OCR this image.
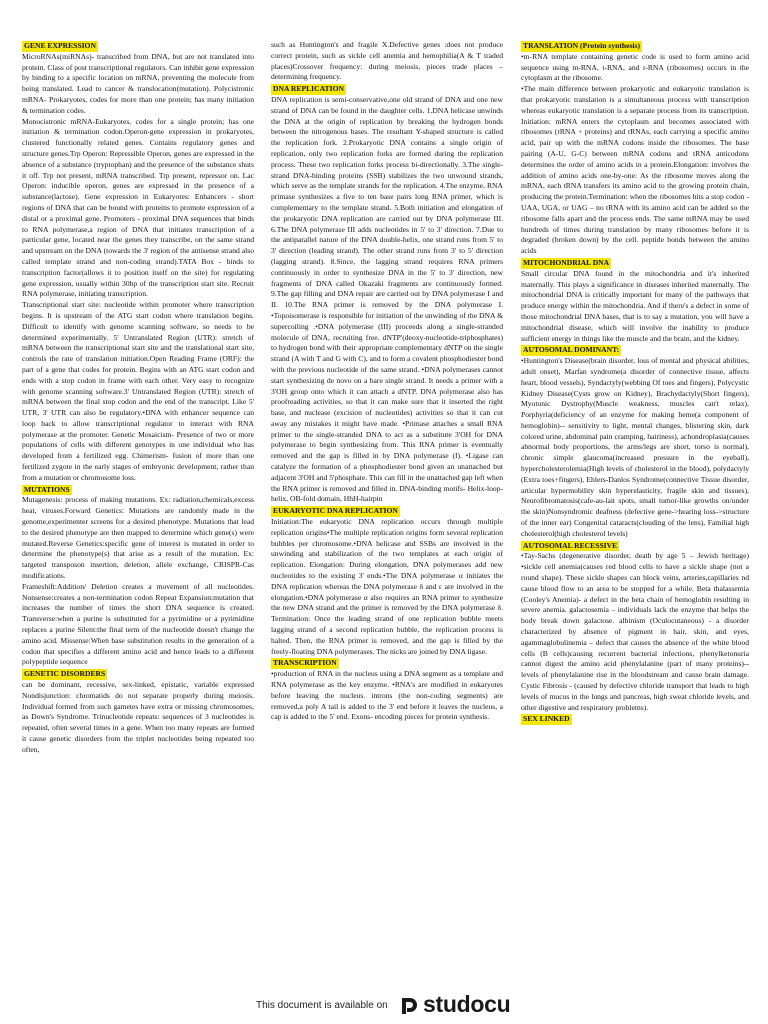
GENE EXPRESSION

MicroRNAs(miRNAs)- transcribed from DNA, but are not translated into protein. Class of post transcriptional regulators. Can inhibit gene expression by binding to a specific location on mRNA, preventing the molecule from being translated. Lead to cancer & translocation(mutation). Polycistronic mRNA- Prokaryotes, codes for more than one protein; has many initiation & termination codes.
Monocistronic mRNA-Eukaryotes, codes for a single protein; has one initiation & termination codon.Operon-gene expression in prokaryotes, clustered functionally related genes. Contains regulatory genes and structure genes.Trp Operon: Repressible Operon, genes are expressed in the absence of a substance (tryptophan) and the presence of the substance shuts it off. Trp not present, mRNA transcribed. Trp present, repressor on. Lac Operon: inducible operon, genes are expressed in the presence of a substance(lactose). Gene expression in Eukaryotes: Enhancers - short regions of DNA that can be bound with proteins to promote expression of a distal or a proximal gene. Promoters - proximal DNA sequences that binds to RNA polymerase,a region of DNA that initiates transcription of a particular gene, located near the genes they transcribe, on the same strand and upstream on the DNA (towards the 3' region of the antisense strand also called template strand and non-coding strand).TATA Box - binds to transcription factor(allows it to position itself on the site) for regulating gene expression, usually within 30bp of the transcription start site. Recruit RNA polymerase, initiating transcription.
Transcriptional start site: nucleotide within promoter where transcription begins. It is upstream of the ATG start codon where translation begins. Difficult to identify with genome scanning software, so needs to be determined experimentally. 5' Untranslated Region (UTR): stretch of mRNA between the transcriptional start site and the translational start site, controls the rate of translation initiation.Open Reading Frame (ORF): the part of a gene that codes for protein. Begins with an ATG start codon and ends with a stop codon in frame with each other. Very easy to recognize with genome scanning software.3' Untranslated Region (UTR): stretch of mRNA between the final stop codon and the end of the transcript. Like 5' UTR, 3' UTR can also be regulatory.•DNA with enhancer sequence can loop back to allow transcriptional regulator to interact with RNA polymerase at the promoter. Genetic Mosaicism- Presence of two or more populations of cells with different genotypes in one individual who has developed from a fertilized egg. Chimerism- fusion of more than one fertilized zygote in the early stages of embryonic development, rather than from a mutation or chromosome loss.
MUTATIONS

Mutagenesis: process of making mutations. Ex: radiation,chemicals,excess heat, viruses.Forward Genetics: Mutations are randomly made in the genome,experimenter screens for a desired phenotype. Mutations that lead to the desired phenotype are then mapped to determine which gene(s) were mutated.Reverse Genetics:specific gene of interest is mutated in order to determine the phenotype(s) that arise as a result of the mutation. Ex: targeted transposon insertion, deletion, allele exchange, CRISPR-Cas modifications.
Frameshift:Addition/ Deletion creates a movement of all nucleotides. Nonsense:creates a non-termination codon Repeat Expansion:mutation that increases the number of times the short DNA sequence is created. Transverse:when a purine is substituted for a pyrimidine or a pyrimidine replaces a purine Silent:the final term of the nucleotide doesn't change the amino acid. Missense:When base substitution results in the generation of a codon that specifies a different amino acid and hence leads to a different polypeptide sequence
GENETIC DISORDERS

can be dominant, recessive, sex-linked, epistatic, variable expressed Nondisjunction: chromatids do not separate properly during meiosis. Individual formed from such gametes have extra or missing chromosomes, as Down's Syndrome. Trinucleotide repeats: sequences of 3 nucleotides is repeated, often several times in a gene. When too many repeats are formed it cause genetic disorders from the triplet nucleotides being repeated too often,
such as Huntington's and fragile X.Defective genes :does not produce correct protein, such as sickle cell anemia and hemophilia(A & T traded places)Crossover frequency: during meiosis, pieces trade places – determining frequency.
DNA REPLICATION

DNA replication is semi-conservative,one old strand of DNA and one new strand of DNA can be found in the daughter cells. 1.DNA helicase unwinds the DNA at the origin of replication by breaking the hydrogen bonds between the nitrogenous bases. The resultant Y-shaped structure is called the replication fork. 2.Prokaryotic DNA contains a single origin of replication, only two replication forks are formed during the replication process. These two replication forks process bi-directionally. 3.The single-strand DNA-binding proteins (SSB) stabilizes the two unwound strands, which serve as the template strands for the replication. 4.The enzyme, RNA primase synthesizes a five to ten base pairs long RNA primer, which is complementary to the template strand. 5.Both initiation and elongation of the prokaryotic DNA replication are carried out by DNA polymerase III. 6.The DNA polymerase III adds nucleotides in 5' to 3' direction. 7.Due to the antiparallel nature of the DNA double-helix, one strand runs from 5' to 3' direction (leading strand). The other strand runs from 3' to 5' direction (lagging strand). 8.Since, the lagging strand requires RNA primers continuously in order to synthesize DNA in the 5' to 3' direction, new fragments of DNA called Okazaki fragments are continuously formed. 9.The gap filling and DNA repair are carried out by DNA polymerase I and II. 10.The RNA primer is removed by the DNA polymerase I. •Topoisomerase is responsible for initiation of the unwinding of the DNA & supercoiling .•DNA polymerase (III) proceeds along a single-stranded molecule of DNA, recruiting free. dNTP'(deoxy-nucleotide-triphosphates) to hydrogen bond with their appropriate complementary dNTP on the single strand (A with T and G with C), and to form a covalent phosphodiester bond with the previous nucleotide of the same strand. •DNA polymerases cannot start synthesizing de novo on a bare single strand. It needs a primer with a 3'OH group onto which it can attach a dNTP. DNA polymerase also has proofreading activities, so that it can make sure that it inserted the right base, and nuclease (excision of nucleotides) activities so that it can cut away any mistakes it might have made. •Primase attaches a small RNA primer to the single-stranded DNA to act as a substitute 3'OH for DNA polymerase to begin synthesizing from. This RNA primer is eventually removed and the gap is filled in by DNA polymerase (I). •Ligase can catalyze the formation of a phosphodiester bond given an unattached but adjacent 3'OH and 5'phosphate. This can fill in the unattached gap left when the RNA primer is removed and filled in. DNA-binding motifs- Helix-loop-helix, OB-fold domain, HhH-hairpin
EUKARYOTIC DNA REPLICATION

Initiation:The eukaryotic DNA replication occurs through multiple replication origins•The multiple replication origins form several replication bubbles per chromosome.•DNA helicase and SSBs are involved in the unwinding and stabilization of the two templates at each origin of replication. Elongation: During elongation, DNA polymerases add new nucleotides to the existing 3' ends.•The DNA polymerase α initiates the DNA replication whereas the DNA polymerase δ and ε are involved in the elongation.•DNA polymerase α also requires an RNA primer to synthesize the new DNA strand and the primer is removed by the DNA polymerase δ. Termination: Once the leading strand of one replication bubble meets lagging strand of a second replication bubble, the replication process is halted. Then, the RNA primer is removed, and the gap is filled by the freely-floating DNA polymerases. The nicks are joined by DNA ligase.
TRANSCRIPTION

•production of RNA in the nucleus using a DNA segment as a template and RNA polymerase as the key enzyme. •RNA's are modified in eukaryotes before leaving the nucleus. introns (the non-coding segments) are removed,a poly A tail is added to the 3' end before it leaves the nucleus, a cap is added to the 5' end. Exons- encoding pieces for protein synthesis.
TRANSLATION (Protein synthesis)

•m-RNA template containing genetic code is used to form amino acid sequence using m-RNA, t-RNA, and r-RNA (ribosomes) occurs in the cytoplasm at the ribosome.
•The main difference between prokaryotic and eukaryotic translation is that prokaryotic translation is a simultaneous process with transcription whereas eukaryotic translation is a separate process from its transcription. Initiation: mRNA enters the cytoplasm and becomes associated with ribosomes (rRNA + proteins) and tRNAs, each carrying a specific amino acid, pair up with the mRNA codons inside the ribosomes. The base pairing (A-U, G-C) between mRNA codons and tRNA anticodons determines the order of amino acids in a protein.Elongation: involves the addition of amino acids one-by-one: As the ribosome moves along the mRNA, each tRNA transfers its amino acid to the growing protein chain, producing the protein.Termination: when the ribosomes hits a stop codon - UAA, UGA, or UAG – no tRNA with its amino acid can be added so the ribosome falls apart and the process ends. The same mRNA may be used hundreds of times during translation by many ribosomes before it is degraded (broken down) by the cell. peptide bonds between the amino acids
MITOCHONDRIAL DNA

Small circular DNA found in the mitochondria and it's inherited maternally. This plays a significance in diseases inherited maternally. The mitochondrial DNA is critically important for many of the pathways that produce energy within the mitochondria. And if there's a defect in some of those mitochondrial DNA bases, that is to say a mutation, you will have a mitochondrial disease, which will involve the inability to produce sufficient energy in things like the muscle and the brain, and the kidney.
AUTOSOMAL DOMINANT:

•Huntington's Disease(brain disorder, loss of mental and physical abilities, adult onset), Marfan syndrome(a disorder of connective tissue, affects heart, blood vessels), Syndactyly(webbing Of toes and fingers), Polycystic Kidney Disease(Cysts grow on Kidney), Brachydactyly(Short fingers), Myotonic Dystrophy(Muscle weakness, muscles can't relax), Porphyria(deficiency of an enzyme for making heme(a component of hemoglobin)-- sensitivity to light, mental changes, blistering skin, dark colored urine, abdominal pain cramping, hairiness), achondroplasia(causes abnormal body proportions, the arms/legs are short, torso is normal), chronic simple glaucoma(increased pressure in the eyeball), hypercholesterolemia(High levels of cholesterol in the blood), polydactyly (Extra toes+fingers), Ehlers-Danlos Syndrome(connective Tissue disorder, articular hypermobility skin hyperelasticity, fragile skin and tissues), Neurofibromatosis(cafe-au-lait spots, small tumor-like growths on/under the skin)Nonsyndromic deafness (defective gene->hearing loss->structure of the inner ear) Congenital cataracts(clouding of the lens), Familial high cholesterol(high cholesterol levels)
AUTOSOMAL RECESSIVE

•Tay-Sachs (degenerative disorder, death by age 5 – Jewish heritage) •sickle cell anemia(causes red blood cells to have a sickle shape (not a round shape). These sickle shapes can block veins, arteries,capillaries nd cause blood flow to an area to be stopped for a while. Beta thalassemia (Cooley's Anemia)- a defect in the beta chain of hemoglobin resulting in severe anemia. galactosemia – individuals lack the enzyme that helps the body break down galactose. albinism (Oculocutaneous) - a disorder characterized by absence of pigment in hair, skin, and eyes, agammaglobulinemia – defect that causes the absence of the white blood cells (B cells)causing recurrent bacterial infections, phenylketonuria cannot digest the amino acid phenylalanine (part of many proteins)-- levels of phenylalanine rise in the bloodstream and cause brain damage. Cystic Fibrosis - (caused by defective chloride transport that leads to high levels of mucus in the lungs and pancreas, high sweat chloride levels, and other digestive and respiratory problems).
SEX LINKED

This document is available on studocu
